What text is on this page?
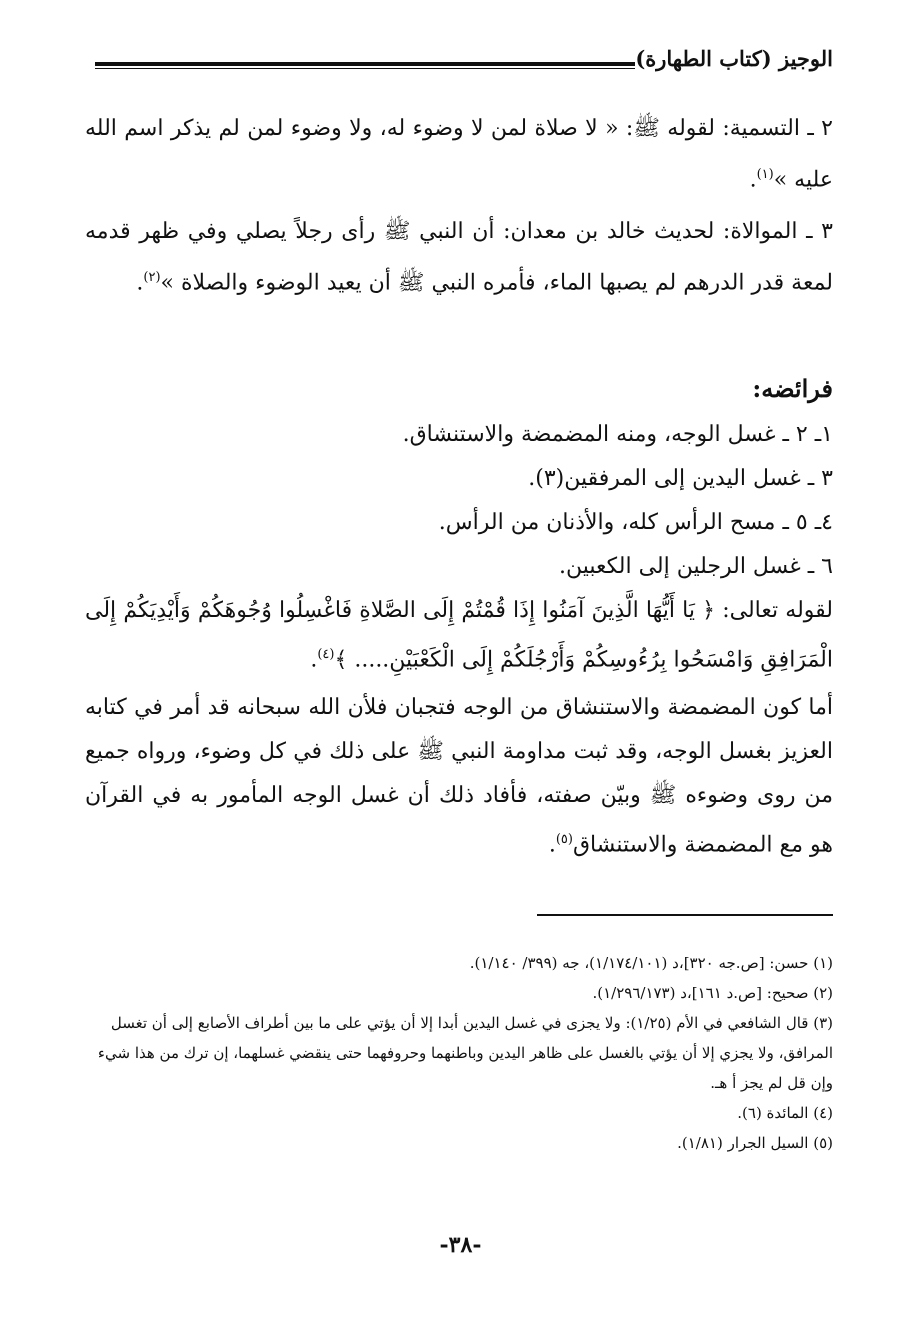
الوجيز (كتاب الطهارة)

٢ ـ التسمية: لقوله ﷺ: « لا صلاة لمن لا وضوء له، ولا وضوء لمن لم يذكر اسم الله عليه »$^{(١)}$.

٣ ـ الموالاة: لحديث خالد بن معدان: أن النبي ﷺ رأى رجلاً يصلي وفي ظهر قدمه لمعة قدر الدرهم لم يصبها الماء، فأمره النبي ﷺ أن يعيد الوضوء والصلاة »$^{(٢)}$.

فرائضه:
١ـ ٢ ـ غسل الوجه، ومنه المضمضة والاستنشاق.
٣ ـ غسل اليدين إلى المرفقين(٣).
٤ـ ٥ ـ مسح الرأس كله، والأذنان من الرأس.
٦ ـ غسل الرجلين إلى الكعبين.

لقوله تعالى: ﴿ يَا أَيُّهَا الَّذِينَ آمَنُوا إِذَا قُمْتُمْ إِلَى الصَّلاةِ فَاغْسِلُوا وُجُوهَكُمْ وَأَيْدِيَكُمْ إِلَى الْمَرَافِقِ وَامْسَحُوا بِرُءُوسِكُمْ وَأَرْجُلَكُمْ إِلَى الْكَعْبَيْنِ..... ﴾$^{(٤)}$.

أما كون المضمضة والاستنشاق من الوجه فتجبان فلأن الله سبحانه قد أمر في كتابه العزيز بغسل الوجه، وقد ثبت مداومة النبي ﷺ على ذلك في كل وضوء، ورواه جميع من روى وضوءه ﷺ وبيّن صفته، فأفاد ذلك أن غسل الوجه المأمور به في القرآن هو مع المضمضة والاستنشاق$^{(٥)}$.

(١) حسن: [ص.جه ٣٢٠]،د (١/١٧٤/١٠١)، جه (٣٩٩/ ١/١٤٠).

(٢) صحيح: [ص.د ١٦١]،د (١/٢٩٦/١٧٣).

(٣) قال الشافعي في الأم (١/٢٥): ولا يجزى في غسل اليدين أبدا إلا أن يؤتي على ما بين أطراف الأصابع إلى أن تغسل المرافق، ولا يجزي إلا أن يؤتي بالغسل على ظاهر اليدين وباطنهما وحروفهما حتى ينقضي غسلهما، إن ترك من هذا شيء وإن قل لم يجز أ هـ.

(٤) المائدة (٦).

(٥) السيل الجرار (١/٨١).

-٣٨-
